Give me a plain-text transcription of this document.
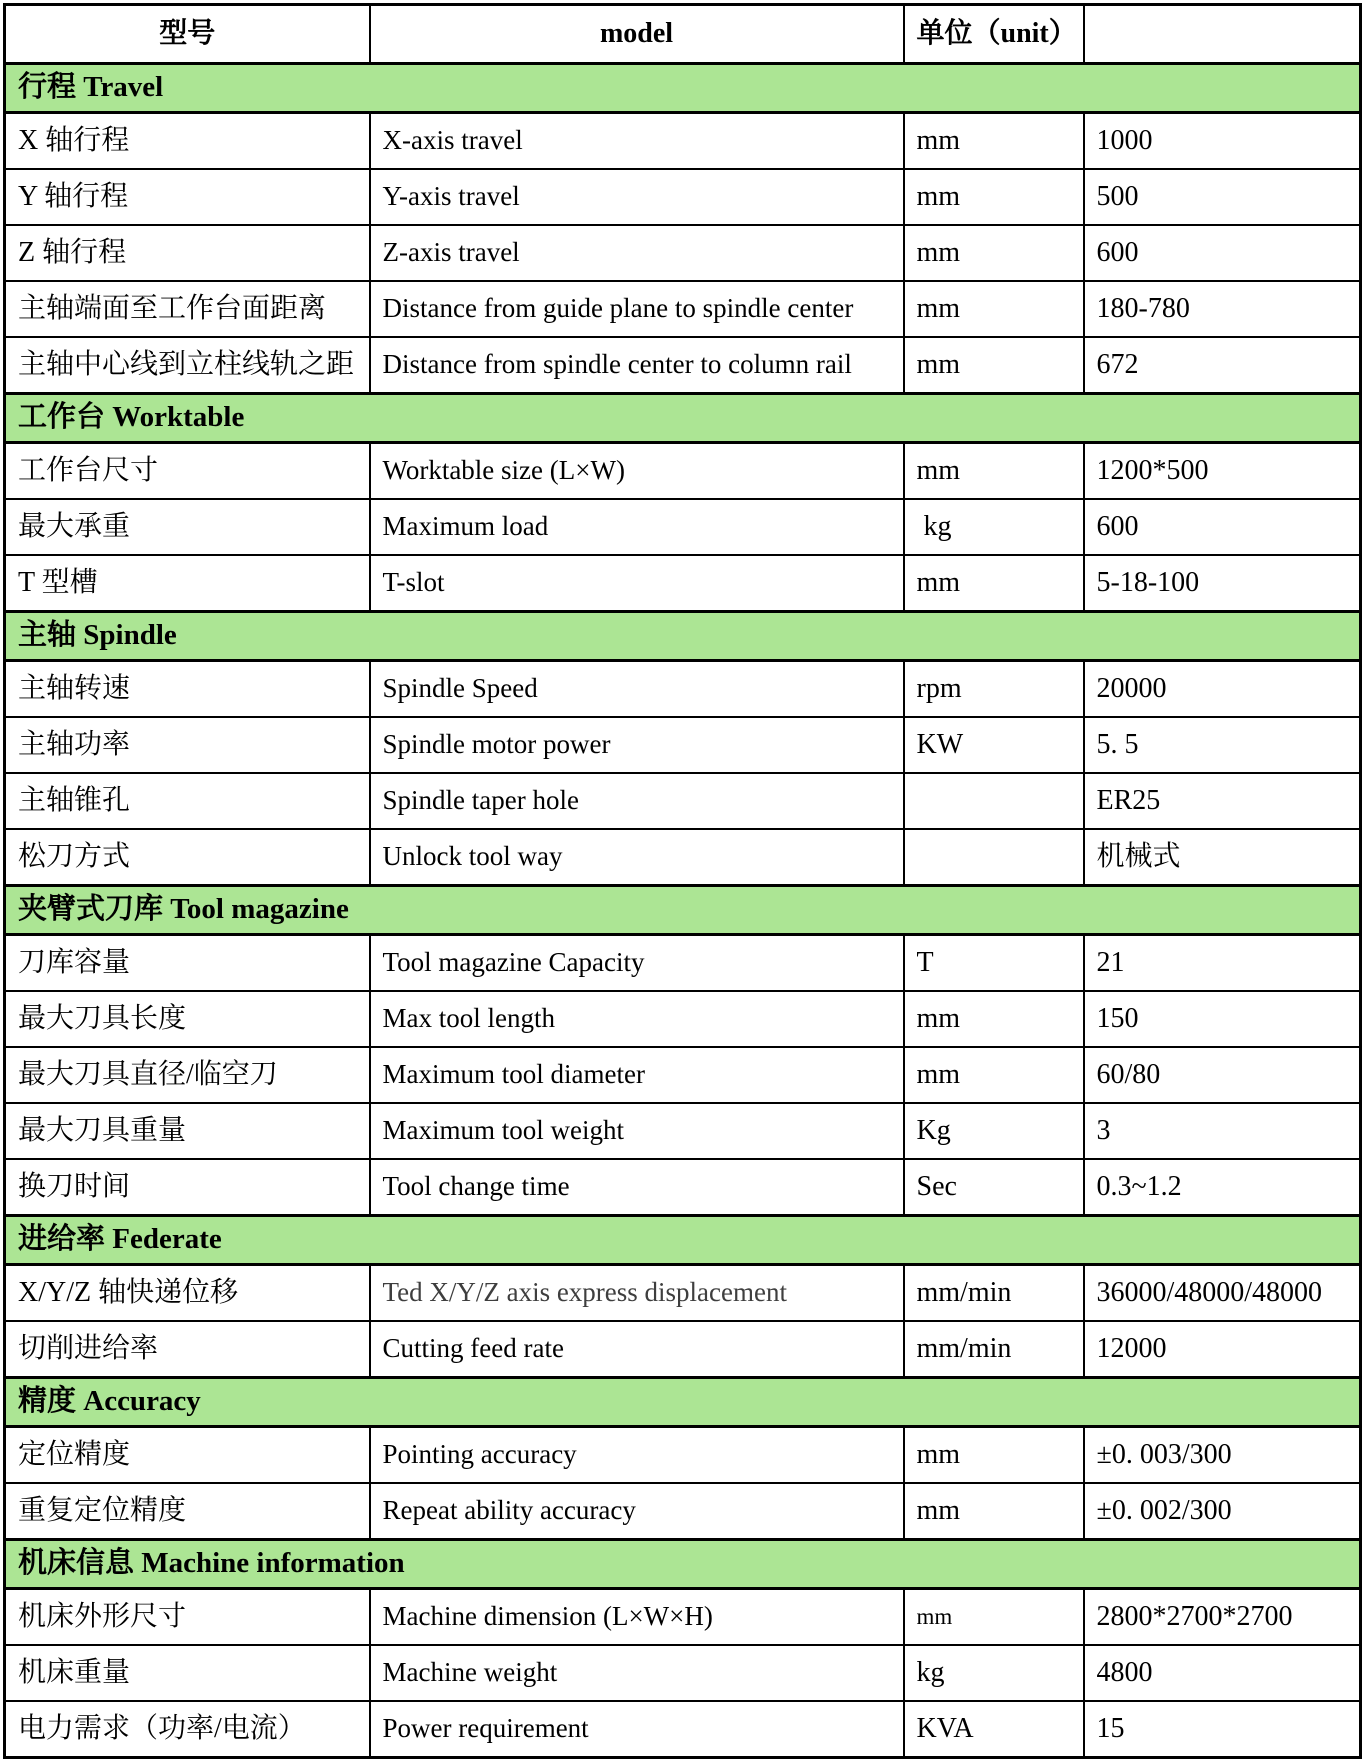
型号	model	单位（unit）	
行程 Travel			
X 轴行程	X-axis travel	mm	1000
Y 轴行程	Y-axis travel	mm	500
Z 轴行程	Z-axis travel	mm	600
主轴端面至工作台面距离	Distance from guide plane to spindle center	mm	180-780
主轴中心线到立柱线轨之距	Distance from spindle center to column rail	mm	672
工作台 Worktable			
工作台尺寸	Worktable size (L×W)	mm	1200*500
最大承重	Maximum load	kg	600
T 型槽	T-slot	mm	5-18-100
主轴 Spindle			
主轴转速	Spindle Speed	rpm	20000
主轴功率	Spindle motor power	KW	5. 5
主轴锥孔	Spindle taper hole		ER25
松刀方式	Unlock tool way		机械式
夹臂式刀库 Tool magazine			
刀库容量	Tool magazine Capacity	T	21
最大刀具长度	Max tool length	mm	150
最大刀具直径/临空刀	Maximum tool diameter	mm	60/80
最大刀具重量	Maximum tool weight	Kg	3
换刀时间	Tool change time	Sec	0.3~1.2
进给率 Federate			
X/Y/Z 轴快递位移	Ted X/Y/Z axis express displacement	mm/min	36000/48000/48000
切削进给率	Cutting feed rate	mm/min	12000
精度 Accuracy			
定位精度	Pointing accuracy	mm	±0. 003/300
重复定位精度	Repeat ability accuracy	mm	±0. 002/300
机床信息 Machine information			
机床外形尺寸	Machine dimension (L×W×H)	mm	2800*2700*2700
机床重量	Machine weight	kg	4800
电力需求（功率/电流）	Power requirement	KVA	15
